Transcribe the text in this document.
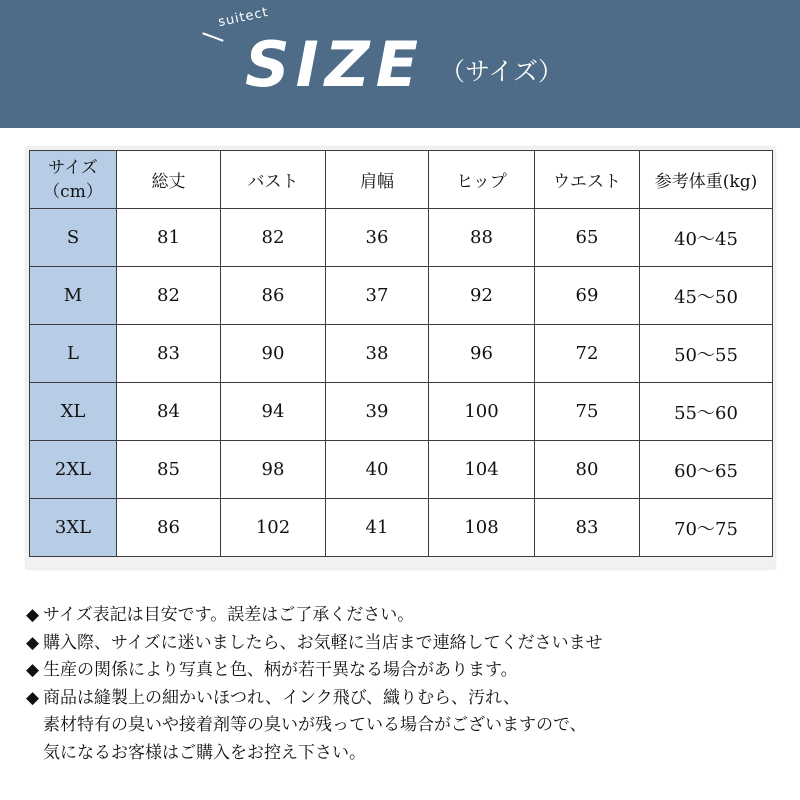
suitect
SIZE （サイズ）
サイズ
（cm）	総丈	バスト	肩幅	ヒップ	ウエスト	参考体重(kg)
S	81	82	36	88	65	40～45
M	82	86	37	92	69	45～50
L	83	90	38	96	72	50～55
XL	84	94	39	100	75	55～60
2XL	85	98	40	104	80	60～65
3XL	86	102	41	108	83	70～75
◆ サイズ表記は目安です。誤差はご了承ください。
◆ 購入際、サイズに迷いましたら、お気軽に当店まで連絡してくださいませ
◆ 生産の関係により写真と色、柄が若干異なる場合があります。
◆ 商品は縫製上の細かいほつれ、インク飛び、織りむら、汚れ、
素材特有の臭いや接着剤等の臭いが残っている場合がございますので、
気になるお客様はご購入をお控え下さい。
